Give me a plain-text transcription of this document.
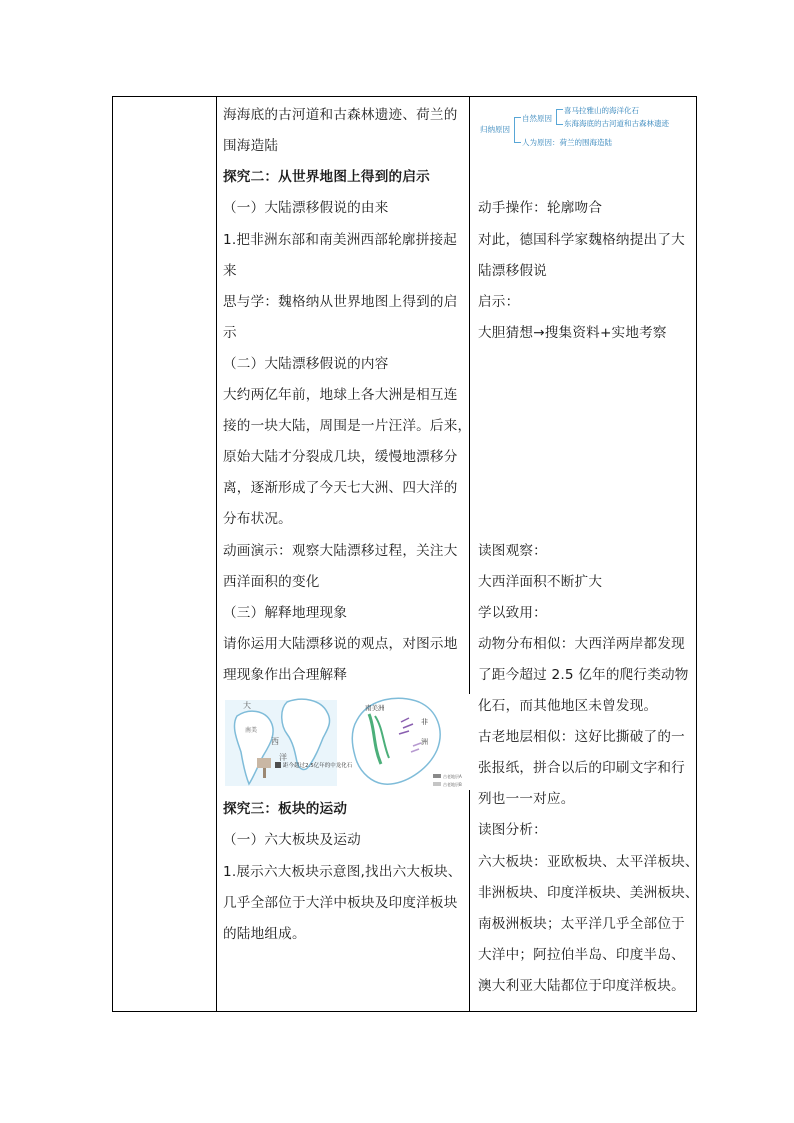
海海底的古河道和古森林遗迹、荷兰的
围海造陆
探究二：从世界地图上得到的启示
（一）大陆漂移假说的由来
1.把非洲东部和南美洲西部轮廓拼接起
来
思与学：魏格纳从世界地图上得到的启
示
（二）大陆漂移假说的内容
大约两亿年前，地球上各大洲是相互连
接的一块大陆，周围是一片汪洋。后来，
原始大陆才分裂成几块，缓慢地漂移分
离，逐渐形成了今天七大洲、四大洋的
分布状况。
动画演示：观察大陆漂移过程，关注大
西洋面积的变化
（三）解释地理现象
请你运用大陆漂移说的观点，对图示地
理现象作出合理解释
大
南美
西
洋
距今超过2.5亿年的中龙化石
南美洲
非
洲
古老地层A
古老地层B
探究三：板块的运动
（一）六大板块及运动
1.展示六大板块示意图,找出六大板块、
几乎全部位于大洋中板块及印度洋板块
的陆地组成。
归纳原因
自然原因
喜马拉雅山的海洋化石
东海海底的古河道和古森林遗迹
人为原因：荷兰的围海造陆
动手操作：轮廓吻合
对此，德国科学家魏格纳提出了大
陆漂移假说
启示：
大胆猜想→搜集资料+实地考察
读图观察：
大西洋面积不断扩大
学以致用：
动物分布相似：大西洋两岸都发现
了距今超过 2.5 亿年的爬行类动物
化石，而其他地区未曾发现。
古老地层相似：这好比撕破了的一
张报纸，拼合以后的印刷文字和行
列也一一对应。
读图分析：
六大板块：亚欧板块、太平洋板块、
非洲板块、印度洋板块、美洲板块、
南极洲板块；太平洋几乎全部位于
大洋中；阿拉伯半岛、印度半岛、
澳大利亚大陆都位于印度洋板块。
